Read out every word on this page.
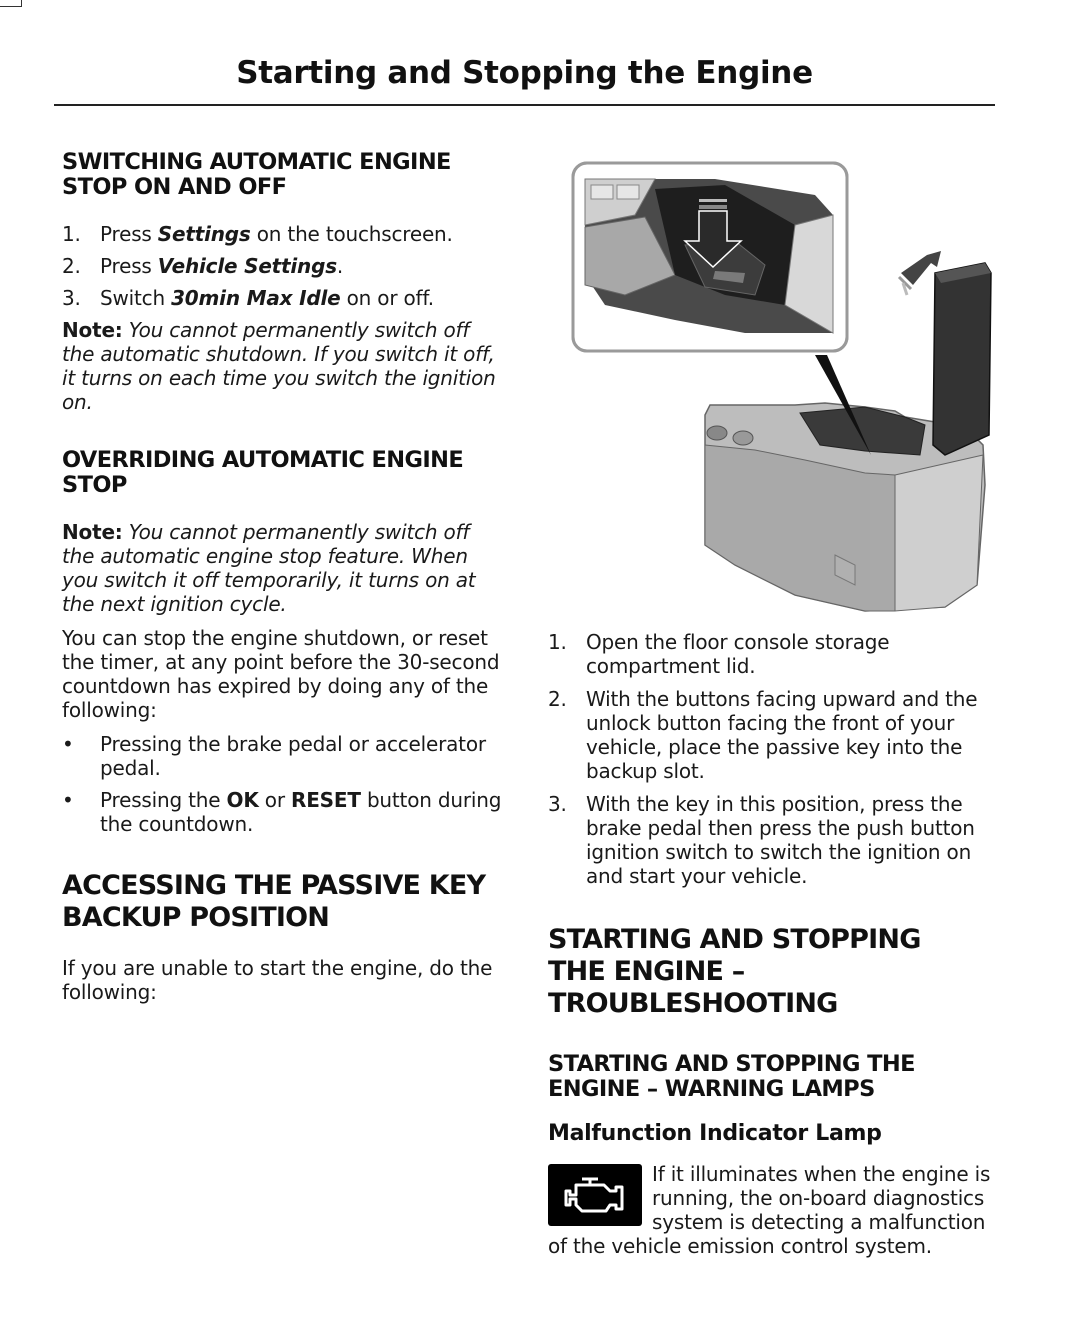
Starting and Stopping the Engine
SWITCHING AUTOMATIC ENGINE STOP ON AND OFF
1. Press Settings on the touchscreen.
2. Press Vehicle Settings.
3. Switch 30min Max Idle on or off.
Note: You cannot permanently switch off the automatic shutdown. If you switch it off, it turns on each time you switch the ignition on.
OVERRIDING AUTOMATIC ENGINE STOP
Note: You cannot permanently switch off the automatic engine stop feature. When you switch it off temporarily, it turns on at the next ignition cycle.
You can stop the engine shutdown, or reset the timer, at any point before the 30-second countdown has expired by doing any of the following:
• Pressing the brake pedal or accelerator pedal.
• Pressing the OK or RESET button during the countdown.
ACCESSING THE PASSIVE KEY
BACKUP POSITION
If you are unable to start the engine, do the following:
1. Open the floor console storage compartment lid.
2. With the buttons facing upward and the unlock button facing the front of your vehicle, place the passive key into the backup slot.
3. With the key in this position, press the brake pedal then press the push button ignition switch to switch the ignition on and start your vehicle.
STARTING AND STOPPING
THE ENGINE –
TROUBLESHOOTING
STARTING AND STOPPING THE ENGINE – WARNING LAMPS
Malfunction Indicator Lamp
If it illuminates when the engine is running, the on-board diagnostics system is detecting a malfunction of the vehicle emission control system.
